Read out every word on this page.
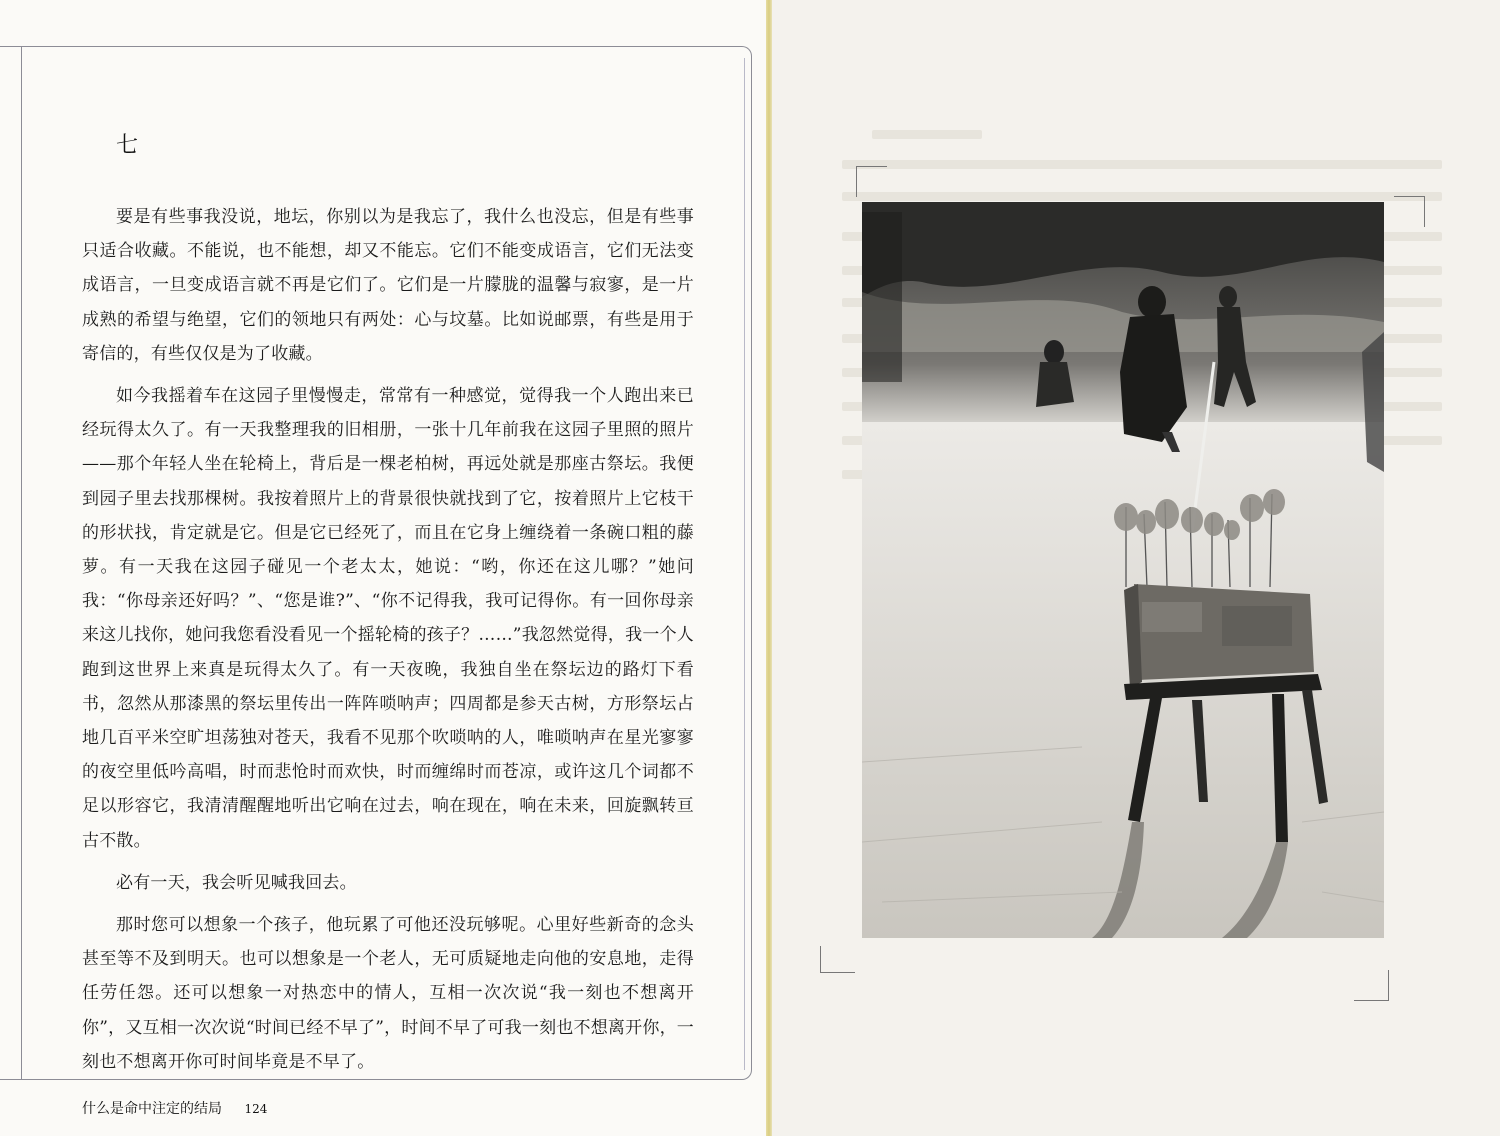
七

要是有些事我没说，地坛，你别以为是我忘了，我什么也没忘，但是有些事只适合收藏。不能说，也不能想，却又不能忘。它们不能变成语言，它们无法变成语言，一旦变成语言就不再是它们了。它们是一片朦胧的温馨与寂寥，是一片成熟的希望与绝望，它们的领地只有两处：心与坟墓。比如说邮票，有些是用于寄信的，有些仅仅是为了收藏。

如今我摇着车在这园子里慢慢走，常常有一种感觉，觉得我一个人跑出来已经玩得太久了。有一天我整理我的旧相册，一张十几年前我在这园子里照的照片——那个年轻人坐在轮椅上，背后是一棵老柏树，再远处就是那座古祭坛。我便到园子里去找那棵树。我按着照片上的背景很快就找到了它，按着照片上它枝干的形状找，肯定就是它。但是它已经死了，而且在它身上缠绕着一条碗口粗的藤萝。有一天我在这园子碰见一个老太太，她说：“哟，你还在这儿哪？”她问我：“你母亲还好吗？”、“您是谁?”、“你不记得我，我可记得你。有一回你母亲来这儿找你，她问我您看没看见一个摇轮椅的孩子？……”我忽然觉得，我一个人跑到这世界上来真是玩得太久了。有一天夜晚，我独自坐在祭坛边的路灯下看书，忽然从那漆黑的祭坛里传出一阵阵唢呐声；四周都是参天古树，方形祭坛占地几百平米空旷坦荡独对苍天，我看不见那个吹唢呐的人，唯唢呐声在星光寥寥的夜空里低吟高唱，时而悲怆时而欢快，时而缠绵时而苍凉，或许这几个词都不足以形容它，我清清醒醒地听出它响在过去，响在现在，响在未来，回旋飘转亘古不散。

必有一天，我会听见喊我回去。

那时您可以想象一个孩子，他玩累了可他还没玩够呢。心里好些新奇的念头甚至等不及到明天。也可以想象是一个老人，无可质疑地走向他的安息地，走得任劳任怨。还可以想象一对热恋中的情人，互相一次次说“我一刻也不想离开你”，又互相一次次说“时间已经不早了”，时间不早了可我一刻也不想离开你，一刻也不想离开你可时间毕竟是不早了。

什么是命中注定的结局 124
